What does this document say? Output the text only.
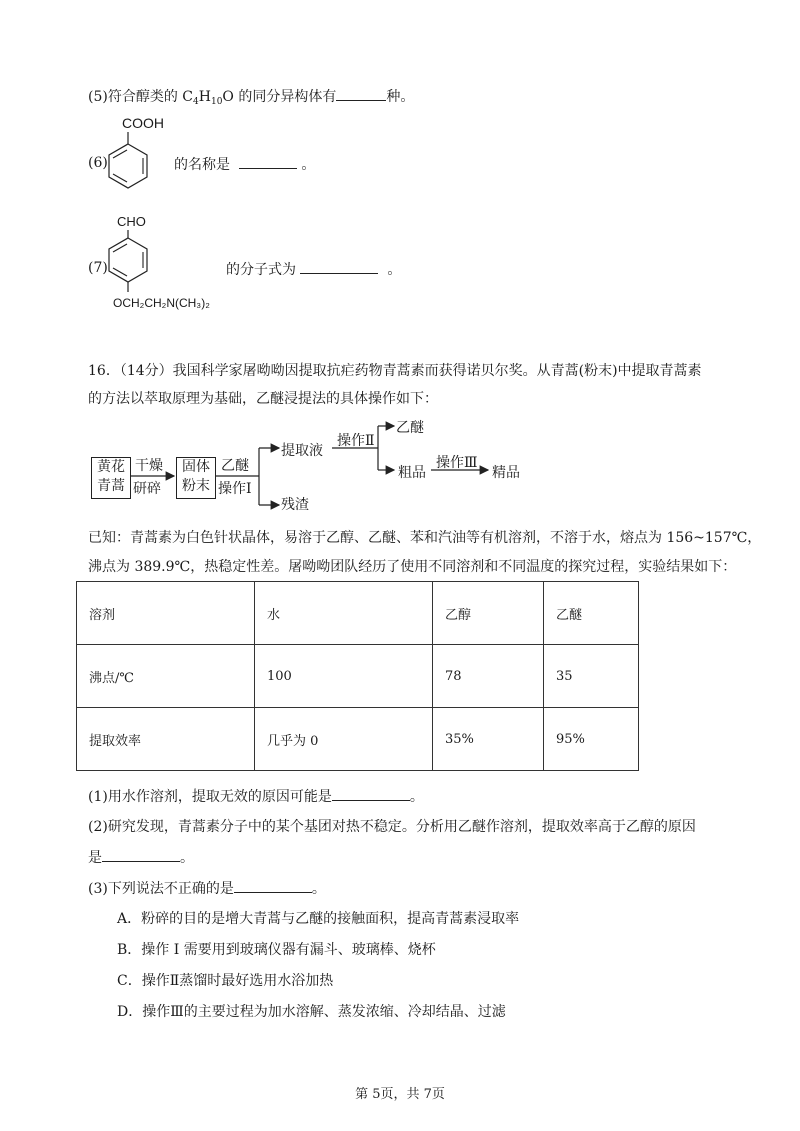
(5)符合醇类的 $C_4H_{10}O$ 的同分异构体有	种。
COOH
(6)	的名称是	。
CHO
OCH₂CH₂N(CH₃)₂
(7)	的分子式为	。
16．（14分）我国科学家屠呦呦因提取抗疟药物青蒿素而获得诺贝尔奖。从青蒿(粉末)中提取青蒿素
的方法以萃取原理为基础，乙醚浸提法的具体操作如下：
黄花
青蒿
干燥
研碎
固体
粉末
乙醚
操作Ⅰ
提取液
残渣
操作Ⅱ
乙醚
粗品
操作Ⅲ
精品
已知：青蒿素为白色针状晶体，易溶于乙醇、乙醚、苯和汽油等有机溶剂，不溶于水，熔点为 156~157℃，
沸点为 389.9℃，热稳定性差。屠呦呦团队经历了使用不同溶剂和不同温度的探究过程，实验结果如下：
溶剂	水	乙醇	乙醚
沸点/℃	100	78	35
提取效率	几乎为 0	35%	95%
(1)用水作溶剂，提取无效的原因可能是	。
(2)研究发现，青蒿素分子中的某个基团对热不稳定。分析用乙醚作溶剂，提取效率高于乙醇的原因
是	。
(3)下列说法不正确的是	。
A．粉碎的目的是增大青蒿与乙醚的接触面积，提高青蒿素浸取率
B．操作 I 需要用到玻璃仪器有漏斗、玻璃棒、烧杯
C．操作Ⅱ蒸馏时最好选用水浴加热
D．操作Ⅲ的主要过程为加水溶解、蒸发浓缩、冷却结晶、过滤
第 5页，共 7页
